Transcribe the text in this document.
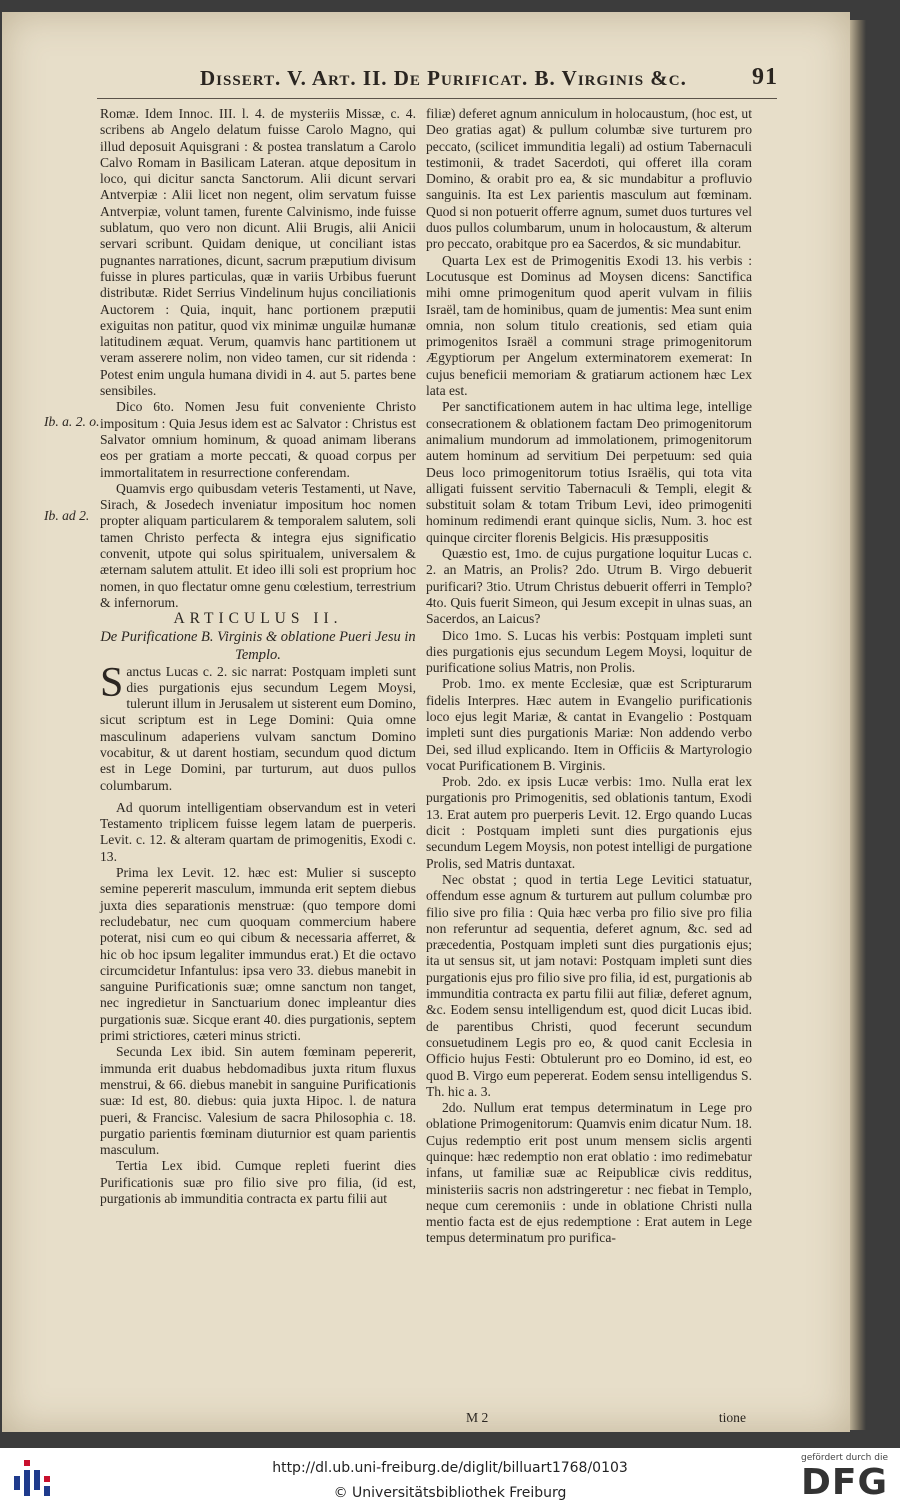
Dissert. V. Art. II. De Purificat. B. Virginis &c.	91

Romæ. Idem Innoc. III. l. 4. de mysteriis Missæ, c. 4. scribens ab Angelo delatum fuisse Carolo Magno, qui illud deposuit Aquisgrani : & postea translatum a Carolo Calvo Romam in Basilicam Lateran. atque depositum in loco, qui dicitur sancta Sanctorum. Alii dicunt servari Antverpiæ : Alii licet non negent, olim servatum fuisse Antverpiæ, volunt tamen, furente Calvinismo, inde fuisse sublatum, quo vero non dicunt. Alii Brugis, alii Anicii servari scribunt. Quidam denique, ut conciliant istas pugnantes narrationes, dicunt, sacrum præputium divisum fuisse in plures particulas, quæ in variis Urbibus fuerunt distributæ. Ridet Serrius Vindelinum hujus conciliationis Auctorem : Quia, inquit, hanc portionem præputii exiguitas non patitur, quod vix minimæ unguilæ humanæ latitudinem æquat. Verum, quamvis hanc partitionem ut veram asserere nolim, non video tamen, cur sit ridenda : Potest enim ungula humana dividi in 4. aut 5. partes bene sensibiles.

Dico 6to. Nomen Jesu fuit conveniente Christo impositum : Quia Jesus idem est ac Salvator : Christus est Salvator omnium hominum, & quoad animam liberans eos per gratiam a morte peccati, & quoad corpus per immortalitatem in resurrectione conferendam.

Quamvis ergo quibusdam veteris Testamenti, ut Nave, Sirach, & Josedech inveniatur impositum hoc nomen propter aliquam particularem & temporalem salutem, soli tamen Christo perfecta & integra ejus significatio convenit, utpote qui solus spiritualem, universalem & æternam salutem attulit. Et ideo illi soli est proprium hoc nomen, in quo flectatur omne genu cœlestium, terrestrium & infernorum.

ARTICULUS II.

De Purificatione B. Virginis & oblatione Pueri Jesu in Templo.

Sanctus Lucas c. 2. sic narrat: Postquam impleti sunt dies purgationis ejus secundum Legem Moysi, tulerunt illum in Jerusalem ut sisterent eum Domino, sicut scriptum est in Lege Domini: Quia omne masculinum adaperiens vulvam sanctum Domino vocabitur, & ut darent hostiam, secundum quod dictum est in Lege Domini, par turturum, aut duos pullos columbarum.

Ad quorum intelligentiam observandum est in veteri Testamento triplicem fuisse legem latam de puerperis. Levit. c. 12. & alteram quartam de primogenitis, Exodi c. 13.

Prima lex Levit. 12. hæc est: Mulier si suscepto semine pepererit masculum, immunda erit septem diebus juxta dies separationis menstruæ: (quo tempore domi recludebatur, nec cum quoquam commercium habere poterat, nisi cum eo qui cibum & necessaria afferret, & hic ob hoc ipsum legaliter immundus erat.) Et die octavo circumcidetur Infantulus: ipsa vero 33. diebus manebit in sanguine Purificationis suæ; omne sanctum non tanget, nec ingredietur in Sanctuarium donec impleantur dies purgationis suæ. Sicque erant 40. dies purgationis, septem primi strictiores, cæteri minus stricti.

Secunda Lex ibid. Sin autem fœminam pepererit, immunda erit duabus hebdomadibus juxta ritum fluxus menstrui, & 66. diebus manebit in sanguine Purificationis suæ: Id est, 80. diebus: quia juxta Hipoc. l. de natura pueri, & Francisc. Valesium de sacra Philosophia c. 18. purgatio parientis fœminam diuturnior est quam parientis masculum.

Tertia Lex ibid. Cumque repleti fuerint dies Purificationis suæ pro filio sive pro filia, (id est, purgationis ab immunditia contracta ex partu filii aut

filiæ) deferet agnum anniculum in holocaustum, (hoc est, ut Deo gratias agat) & pullum columbæ sive turturem pro peccato, (scilicet immunditia legali) ad ostium Tabernaculi testimonii, & tradet Sacerdoti, qui offeret illa coram Domino, & orabit pro ea, & sic mundabitur a profluvio sanguinis. Ita est Lex parientis masculum aut fœminam. Quod si non potuerit offerre agnum, sumet duos turtures vel duos pullos columbarum, unum in holocaustum, & alterum pro peccato, orabitque pro ea Sacerdos, & sic mundabitur.

Quarta Lex est de Primogenitis Exodi 13. his verbis : Locutusque est Dominus ad Moysen dicens: Sanctifica mihi omne primogenitum quod aperit vulvam in filiis Israël, tam de hominibus, quam de jumentis: Mea sunt enim omnia, non solum titulo creationis, sed etiam quia primogenitos Israël a communi strage primogenitorum Ægyptiorum per Angelum exterminatorem exemerat: In cujus beneficii memoriam & gratiarum actionem hæc Lex lata est.

Per sanctificationem autem in hac ultima lege, intellige consecrationem & oblationem factam Deo primogenitorum animalium mundorum ad immolationem, primogenitorum autem hominum ad servitium Dei perpetuum: sed quia Deus loco primogenitorum totius Israëlis, qui tota vita alligati fuissent servitio Tabernaculi & Templi, elegit & substituit solam & totam Tribum Levi, ideo primogeniti hominum redimendi erant quinque siclis, Num. 3. hoc est quinque circiter florenis Belgicis. His præsuppositis

Quæstio est, 1mo. de cujus purgatione loquitur Lucas c. 2. an Matris, an Prolis? 2do. Utrum B. Virgo debuerit purificari? 3tio. Utrum Christus debuerit offerri in Templo? 4to. Quis fuerit Simeon, qui Jesum excepit in ulnas suas, an Sacerdos, an Laicus?

Dico 1mo. S. Lucas his verbis: Postquam impleti sunt dies purgationis ejus secundum Legem Moysi, loquitur de purificatione solius Matris, non Prolis.

Prob. 1mo. ex mente Ecclesiæ, quæ est Scripturarum fidelis Interpres. Hæc autem in Evangelio purificationis loco ejus legit Mariæ, & cantat in Evangelio : Postquam impleti sunt dies purgationis Mariæ: Non addendo verbo Dei, sed illud explicando. Item in Officiis & Martyrologio vocat Purificationem B. Virginis.

Prob. 2do. ex ipsis Lucæ verbis: 1mo. Nulla erat lex purgationis pro Primogenitis, sed oblationis tantum, Exodi 13. Erat autem pro puerperis Levit. 12. Ergo quando Lucas dicit : Postquam impleti sunt dies purgationis ejus secundum Legem Moysis, non potest intelligi de purgatione Prolis, sed Matris duntaxat.

Nec obstat ; quod in tertia Lege Levitici statuatur, offendum esse agnum & turturem aut pullum columbæ pro filio sive pro filia : Quia hæc verba pro filio sive pro filia non referuntur ad sequentia, deferet agnum, &c. sed ad præcedentia, Postquam impleti sunt dies purgationis ejus; ita ut sensus sit, ut jam notavi: Postquam impleti sunt dies purgationis ejus pro filio sive pro filia, id est, purgationis ab immunditia contracta ex partu filii aut filiæ, deferet agnum, &c. Eodem sensu intelligendum est, quod dicit Lucas ibid. de parentibus Christi, quod fecerunt secundum consuetudinem Legis pro eo, & quod canit Ecclesia in Officio hujus Festi: Obtulerunt pro eo Domino, id est, eo quod B. Virgo eum pepererat. Eodem sensu intelligendus S. Th. hic a. 3.

2do. Nullum erat tempus determinatum in Lege pro oblatione Primogenitorum: Quamvis enim dicatur Num. 18. Cujus redemptio erit post unum mensem siclis argenti quinque: hæc redemptio non erat oblatio : imo redimebatur infans, ut familiæ suæ ac Reipublicæ civis redditus, ministeriis sacris non adstringeretur : nec fiebat in Templo, neque cum ceremoniis : unde in oblatione Christi nulla mentio facta est de ejus redemptione : Erat autem in Lege tempus determinatum pro purifica-

Ib. a. 2. o.
Ib. ad 2.
M 2	tione
http://dl.ub.uni-freiburg.de/diglit/billuart1768/0103
© Universitätsbibliothek Freiburg
gefördert durch die
DFG
